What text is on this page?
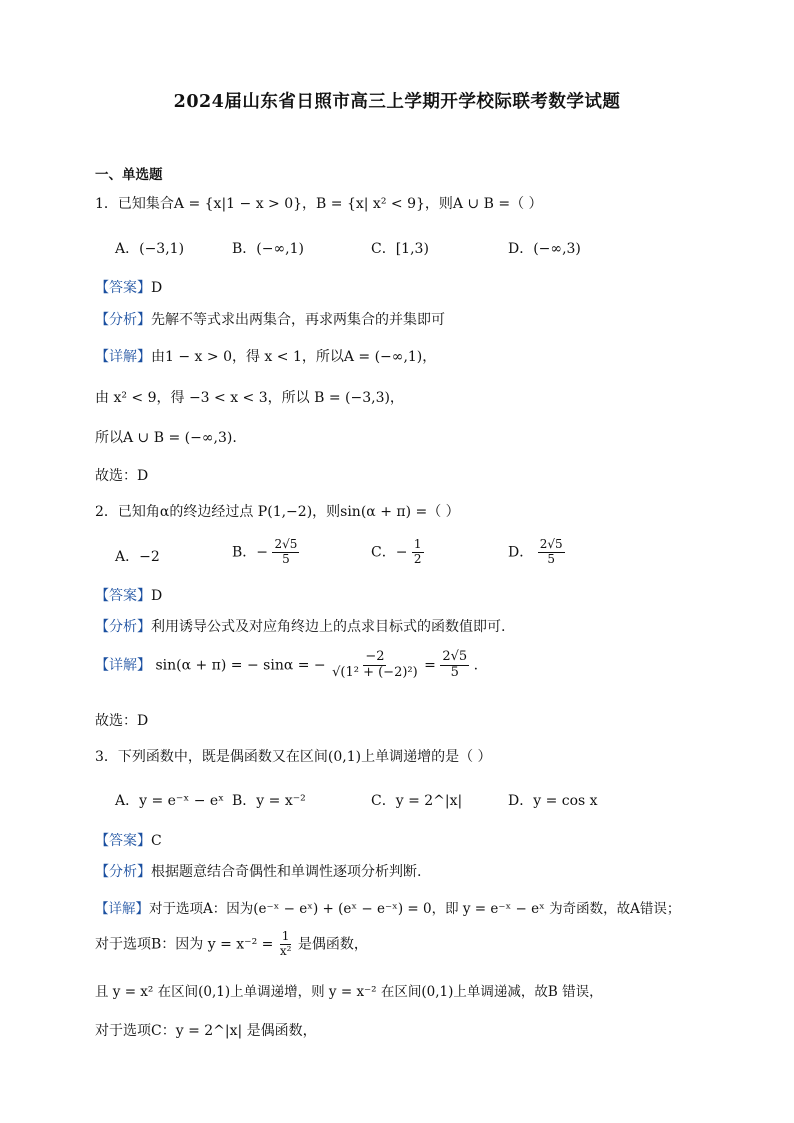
2024届山东省日照市高三上学期开学校际联考数学试题
一、单选题
1．已知集合A = {x|1 − x > 0}，B = {x| x² < 9}，则A ∪ B =（ ）
A．(−3,1)	B．(−∞,1)	C．[1,3)	D．(−∞,3)
【答案】D
【分析】先解不等式求出两集合，再求两集合的并集即可
【详解】由1 − x > 0，得 x < 1，所以A = (−∞,1)，
由 x² < 9，得 −3 < x < 3，所以 B = (−3,3)，
所以A ∪ B = (−∞,3).
故选：D
2．已知角α的终边经过点 P(1,−2)，则sin(α + π) =（ ）
A．−2	B．− $\frac{2√5}{5}$	C．− $\frac{1}{2}$	D． $\frac{2√5}{5}$
【答案】D
【分析】利用诱导公式及对应角终边上的点求目标式的函数值即可.
【详解】 sin(α + π) = − sinα = − $\frac{-2}{\text{√(1² + (−2)²)}} = \frac{2√5}{5}$ .
故选：D
3．下列函数中，既是偶函数又在区间(0,1)上单调递增的是（ ）
A．y = e⁻ˣ − eˣ B．y = x⁻²	C．y = 2^|x|	D．y = cos x
【答案】C
【分析】根据题意结合奇偶性和单调性逐项分析判断.
【详解】对于选项A：因为(e⁻ˣ − eˣ) + (eˣ − e⁻ˣ) = 0，即 y = e⁻ˣ − eˣ 为奇函数，故A错误；
对于选项B：因为 $y = x^{-2} = \frac{1}{\text{x²}}$ 是偶函数，
且 y = x² 在区间(0,1)上单调递增，则 y = x⁻² 在区间(0,1)上单调递减，故B 错误，
对于选项C：y = 2^|x| 是偶函数，
